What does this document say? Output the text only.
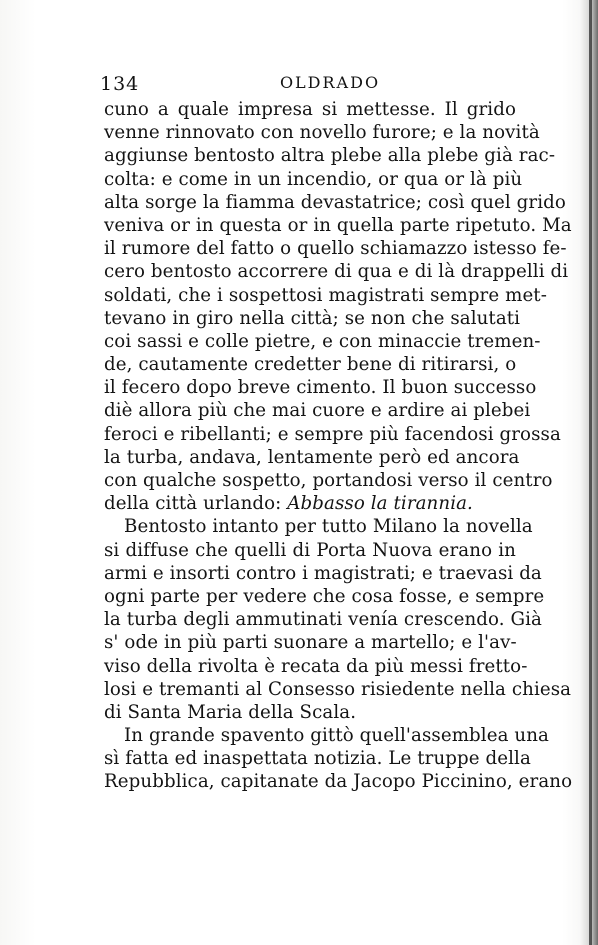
134	OLDRADO
cuno a quale impresa si mettesse. Il grido
venne rinnovato con novello furore; e la novità
aggiunse bentosto altra plebe alla plebe già rac-
colta: e come in un incendio, or qua or là più
alta sorge la fiamma devastatrice; così quel grido
veniva or in questa or in quella parte ripetuto. Ma
il rumore del fatto o quello schiamazzo istesso fe-
cero bentosto accorrere di qua e di là drappelli di
soldati, che i sospettosi magistrati sempre met-
tevano in giro nella città; se non che salutati
coi sassi e colle pietre, e con minaccie tremen-
de, cautamente credetter bene di ritirarsi, o
il fecero dopo breve cimento. Il buon successo
diè allora più che mai cuore e ardire ai plebei
feroci e ribellanti; e sempre più facendosi grossa
la turba, andava, lentamente però ed ancora
con qualche sospetto, portandosi verso il centro
della città urlando: Abbasso la tirannia.
Bentosto intanto per tutto Milano la novella
si diffuse che quelli di Porta Nuova erano in
armi e insorti contro i magistrati; e traevasi da
ogni parte per vedere che cosa fosse, e sempre
la turba degli ammutinati venía crescendo. Già
s' ode in più parti suonare a martello; e l'av-
viso della rivolta è recata da più messi fretto-
losi e tremanti al Consesso risiedente nella chiesa
di Santa Maria della Scala.
In grande spavento gittò quell'assemblea una
sì fatta ed inaspettata notizia. Le truppe della
Repubblica, capitanate da Jacopo Piccinino, erano
